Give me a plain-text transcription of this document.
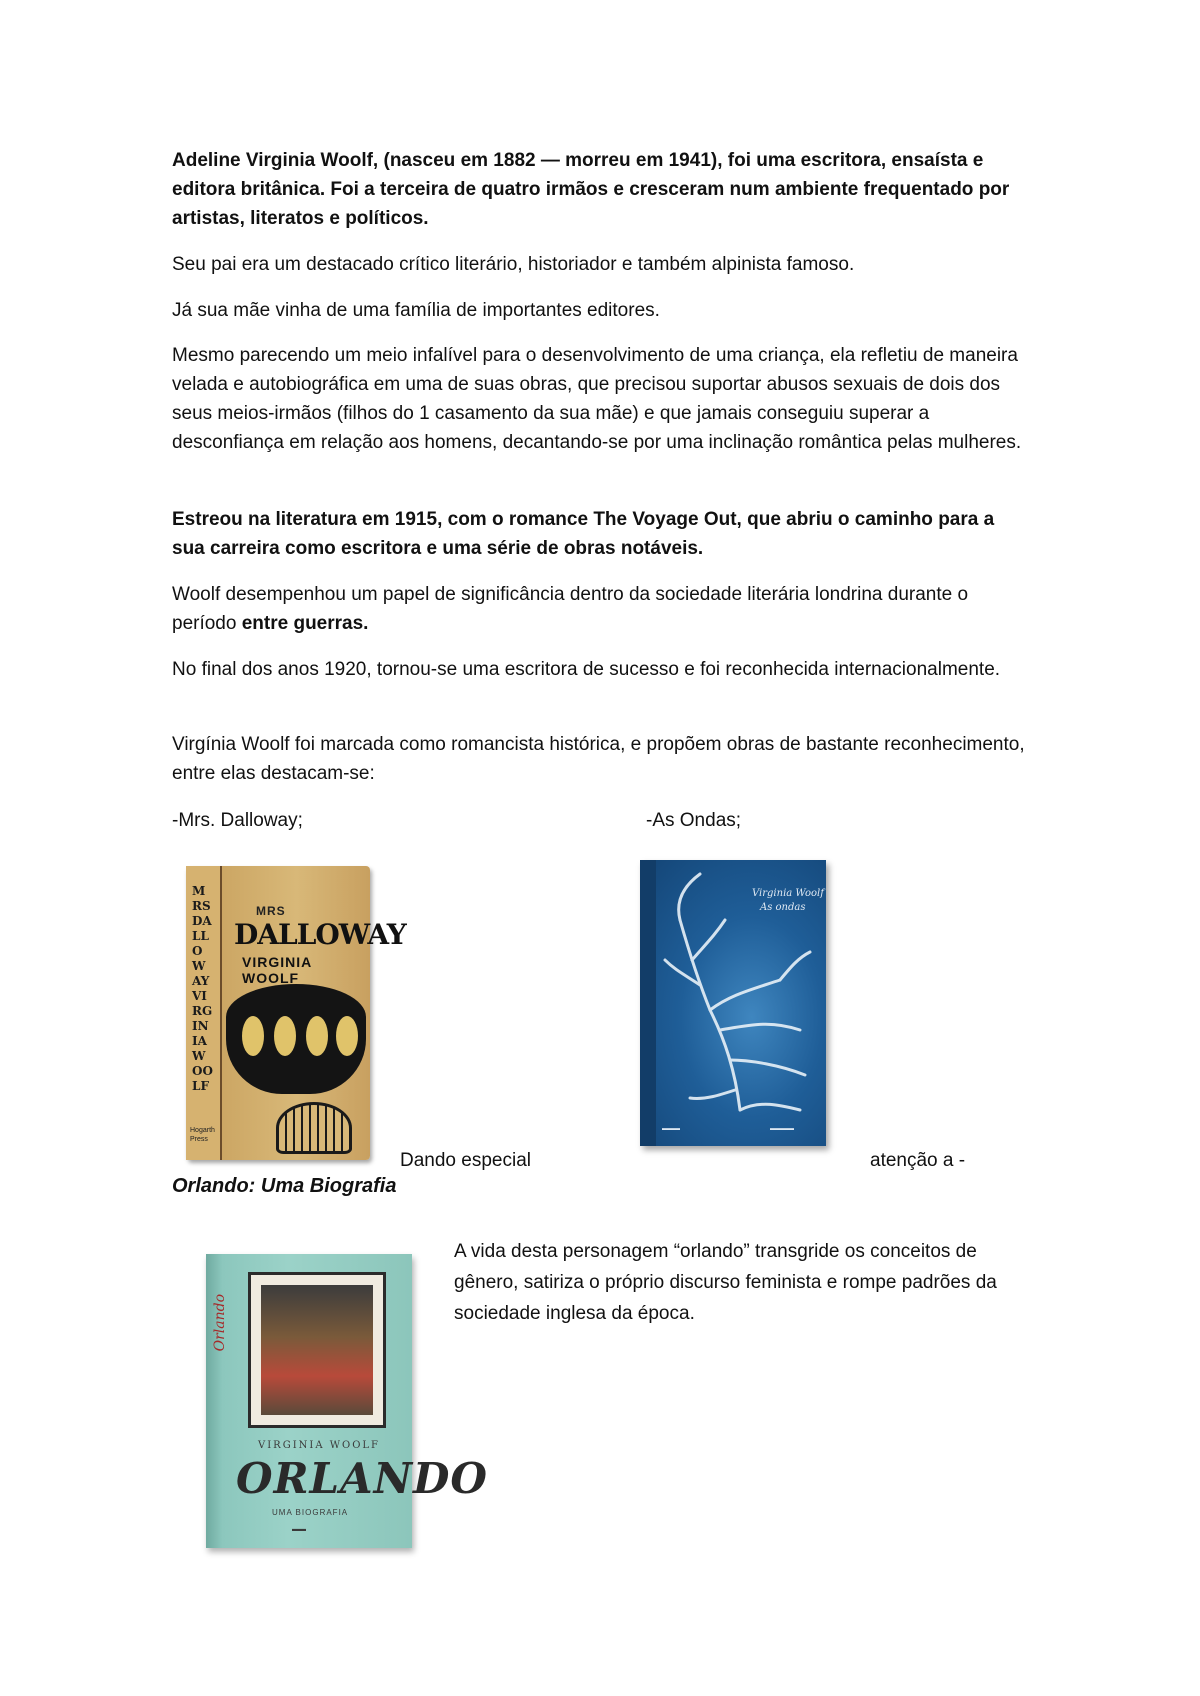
Adeline Virginia Woolf, (nasceu em 1882 — morreu em 1941), foi uma escritora, ensaísta e editora britânica. Foi a terceira de quatro irmãos e cresceram num ambiente frequentado por artistas, literatos e políticos.
Seu pai era um destacado crítico literário, historiador e também alpinista famoso.
Já sua mãe vinha de uma família de importantes editores.
Mesmo parecendo um meio infalível para o desenvolvimento de uma criança, ela refletiu de maneira velada e autobiográfica em uma de suas obras, que precisou suportar abusos sexuais de dois dos seus meios-irmãos (filhos do 1 casamento da sua mãe) e que jamais conseguiu superar a desconfiança em relação aos homens, decantando-se por uma inclinação romântica pelas mulheres.
Estreou na literatura em 1915, com o romance The Voyage Out, que abriu o caminho para a sua carreira como escritora e uma série de obras notáveis.
Woolf desempenhou um papel de significância dentro da sociedade literária londrina durante o período entre guerras.
No final dos anos 1920, tornou-se uma escritora de sucesso e foi reconhecida internacionalmente.
Virgínia Woolf foi marcada como romancista histórica, e propõem obras de bastante reconhecimento, entre elas destacam-se:
-Mrs. Dalloway;	-As Ondas;
MRS DALLOWAY VIRGINIA WOOLF
MRS
DALLOWAY
VIRGINIA WOOLF
Hogarth Press
Virginia Woolf
As ondas
▬▬▬	▬▬▬▬
Dando especial	atenção a -
Orlando: Uma Biografia
Orlando
VIRGINIA WOOLF
ORLANDO
UMA BIOGRAFIA
▬▬
A vida desta personagem “orlando” transgride os conceitos de gênero, satiriza o próprio discurso feminista e rompe padrões da sociedade inglesa da época.
